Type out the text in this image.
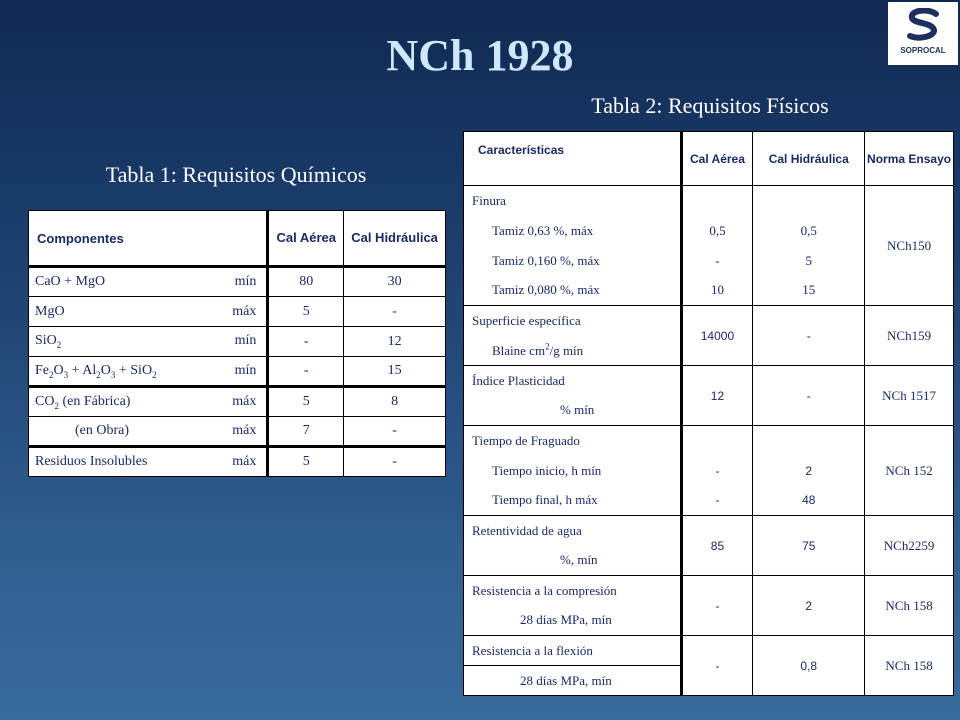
NCh 1928	SOPROCAL
Tabla 1: Requisitos Químicos
Tabla 2: Requisitos Físicos
Componentes	Cal Aérea	Cal Hidráulica
CaO + MgO mín	80	30
MgO máx	5	-
SiO$_2$ mín	-	12
$Fe_2O_3 + Al_2O_3 + SiO_2$ mín	-	15
$CO_2$ (en Fábrica) máx	5	8
(en Obra) máx	7	-
Residuos Insolubles máx	5	-
Características	Cal Aérea	Cal Hidráulica	Norma Ensayo
Finura			NCh150
Tamiz 0,63 %, máx	0,5	0,5	
Tamiz 0,160 %, máx	-	5	
Tamiz 0,080 %, máx	10	15	
Superficie específica	14000	-	NCh159
Blaine $cm^2/g$ mín			
Índice Plasticidad	12	-	NCh 1517
% mín			
Tiempo de Fraguado			NCh 152
Tiempo inicio, h mín	-	2	
Tiempo final, h máx	-	48	
Retentividad de agua	85	75	NCh2259
%, mín			
Resistencia a la compresión	-	2	NCh 158
28 días MPa, mín			
Resistencia a la flexión	-	0,8	NCh 158
28 días MPa, mín			
